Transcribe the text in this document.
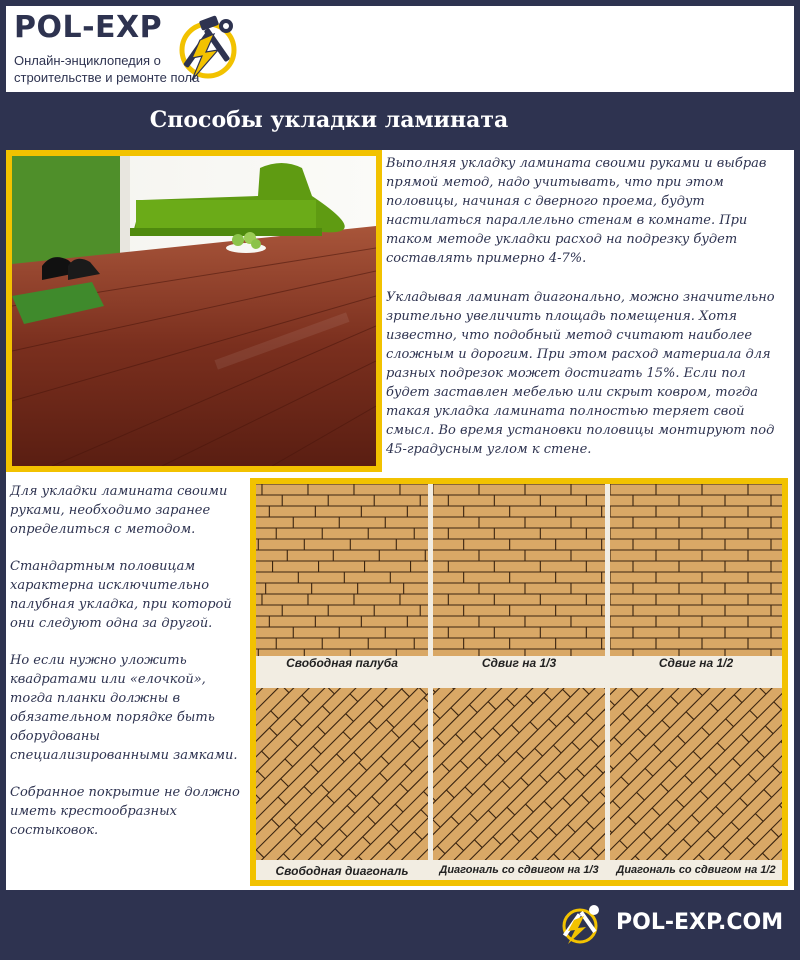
POL-EXP
Онлайн-энциклопедия о строительстве и ремонте пола
Способы укладки ламината
Выполняя укладку ламината своими руками и выбрав прямой метод, надо учитывать, что при этом половицы, начиная с дверного проема, будут настилаться параллельно стенам в комнате. При таком методе укладки расход на подрезку будет составлять примерно 4-7%.
Укладывая ламинат диагонально, можно значительно зрительно увеличить площадь помещения. Хотя известно, что подобный метод считают наиболее сложным и дорогим. При этом расход материала для разных подрезок может достигать 15%. Если пол будет заставлен мебелью или скрыт ковром, тогда такая укладка ламината полностью теряет свой смысл. Во время установки половицы монтируют под 45-градусным углом к стене.

Для укладки ламината своими руками, необходимо заранее определиться с методом.

Стандартным половицам характерна исключительно палубная укладка, при которой они следуют одна за другой.

Но если нужно уложить квадратами или «елочкой», тогда планки должны в обязательном порядке быть оборудованы специализированными замками.

Собранное покрытие не должно иметь крестообразных состыковок.

Свободная палуба	Сдвиг на 1/3	Сдвиг на 1/2
Свободная диагональ	Диагональ со сдвигом на 1/3	Диагональ со сдвигом на 1/2
POL-EXP.COM
